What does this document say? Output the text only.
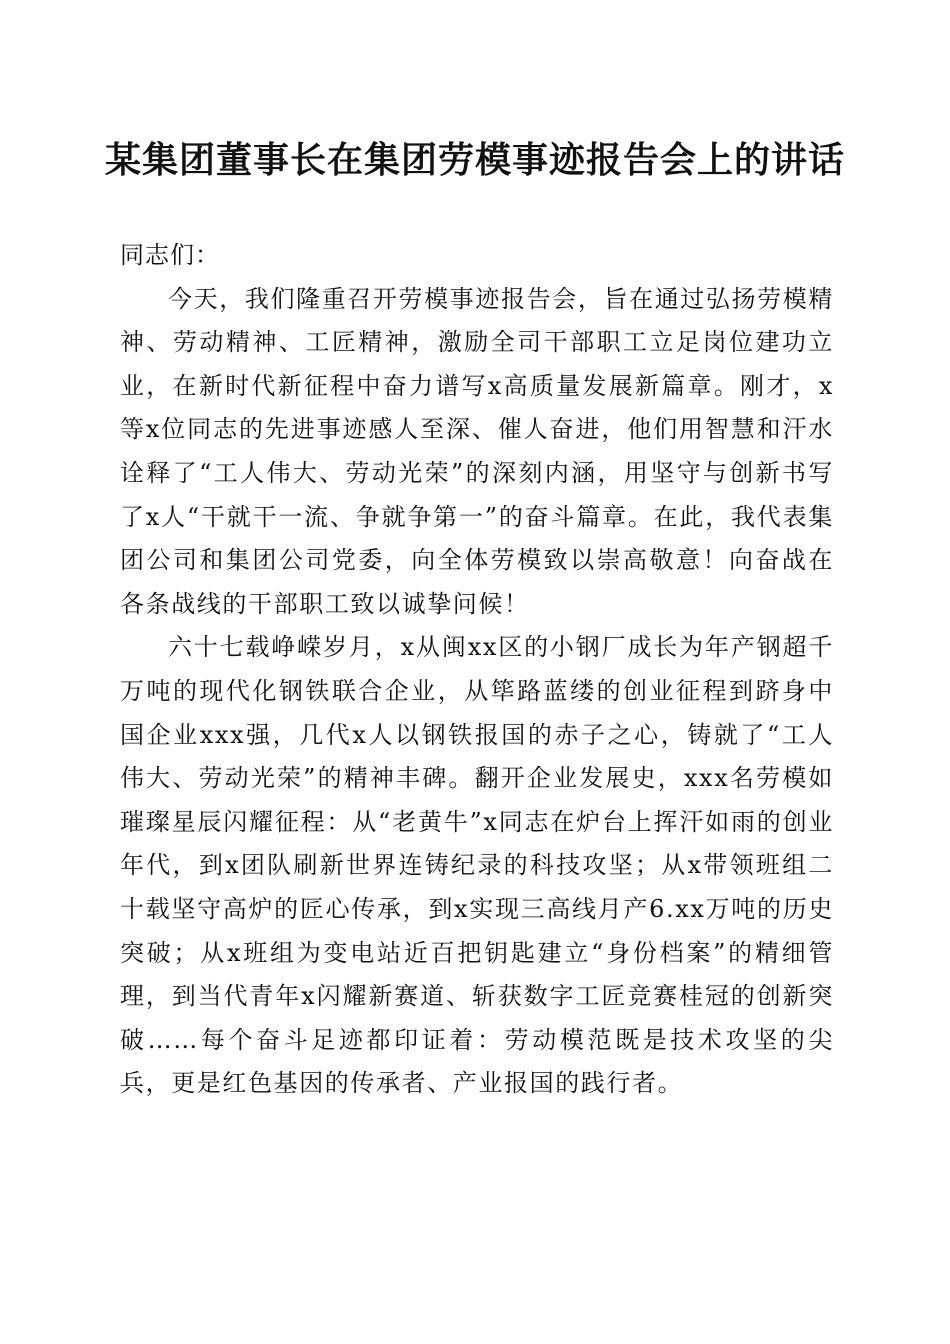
某集团董事长在集团劳模事迹报告会上的讲话

同志们：

今天，我们隆重召开劳模事迹报告会，旨在通过弘扬劳模精神、劳动精神、工匠精神，激励全司干部职工立足岗位建功立业，在新时代新征程中奋力谱写x高质量发展新篇章。刚才，x等x位同志的先进事迹感人至深、催人奋进，他们用智慧和汗水诠释了“工人伟大、劳动光荣”的深刻内涵，用坚守与创新书写了x人“干就干一流、争就争第一”的奋斗篇章。在此，我代表集团公司和集团公司党委，向全体劳模致以崇高敬意！向奋战在各条战线的干部职工致以诚挚问候！

六十七载峥嵘岁月，x从闽xx区的小钢厂成长为年产钢超千万吨的现代化钢铁联合企业，从筚路蓝缕的创业征程到跻身中国企业xxx强，几代x人以钢铁报国的赤子之心，铸就了“工人伟大、劳动光荣”的精神丰碑。翻开企业发展史，xxx名劳模如璀璨星辰闪耀征程：从“老黄牛”x同志在炉台上挥汗如雨的创业年代，到x团队刷新世界连铸纪录的科技攻坚；从x带领班组二十载坚守高炉的匠心传承，到x实现三高线月产6.xx万吨的历史突破；从x班组为变电站近百把钥匙建立“身份档案”的精细管理，到当代青年x闪耀新赛道、斩获数字工匠竞赛桂冠的创新突破……每个奋斗足迹都印证着：劳动模范既是技术攻坚的尖兵，更是红色基因的传承者、产业报国的践行者。
